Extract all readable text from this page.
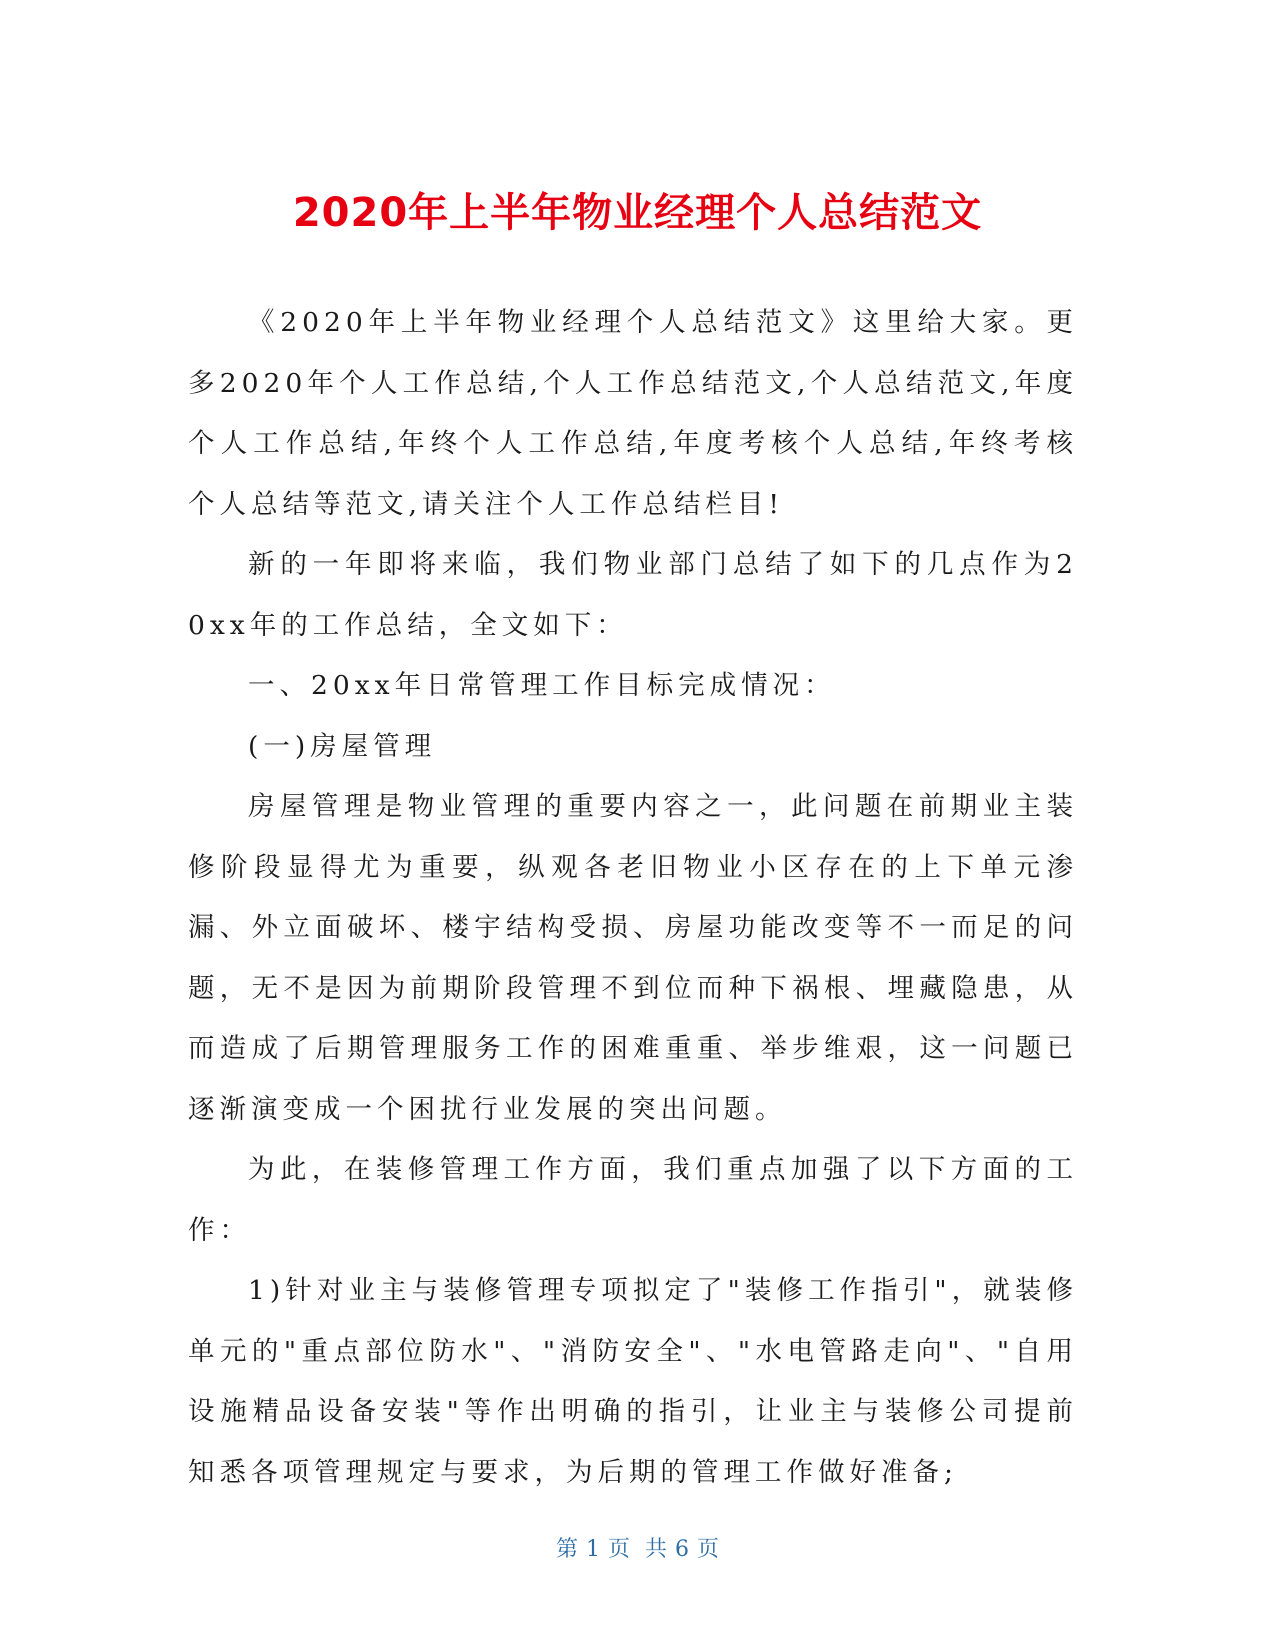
2020年上半年物业经理个人总结范文

《2020年上半年物业经理个人总结范文》这里给大家。更多2020年个人工作总结,个人工作总结范文,个人总结范文,年度个人工作总结,年终个人工作总结,年度考核个人总结,年终考核个人总结等范文,请关注个人工作总结栏目!

新的一年即将来临，我们物业部门总结了如下的几点作为20xx年的工作总结，全文如下：

一、20xx年日常管理工作目标完成情况：

(一)房屋管理

房屋管理是物业管理的重要内容之一，此问题在前期业主装修阶段显得尤为重要，纵观各老旧物业小区存在的上下单元渗漏、外立面破坏、楼宇结构受损、房屋功能改变等不一而足的问题，无不是因为前期阶段管理不到位而种下祸根、埋藏隐患，从而造成了后期管理服务工作的困难重重、举步维艰，这一问题已逐渐演变成一个困扰行业发展的突出问题。

为此，在装修管理工作方面，我们重点加强了以下方面的工作：

1)针对业主与装修管理专项拟定了"装修工作指引"，就装修单元的"重点部位防水"、"消防安全"、"水电管路走向"、"自用设施精品设备安装"等作出明确的指引，让业主与装修公司提前知悉各项管理规定与要求，为后期的管理工作做好准备;

第 1 页 共 6 页
